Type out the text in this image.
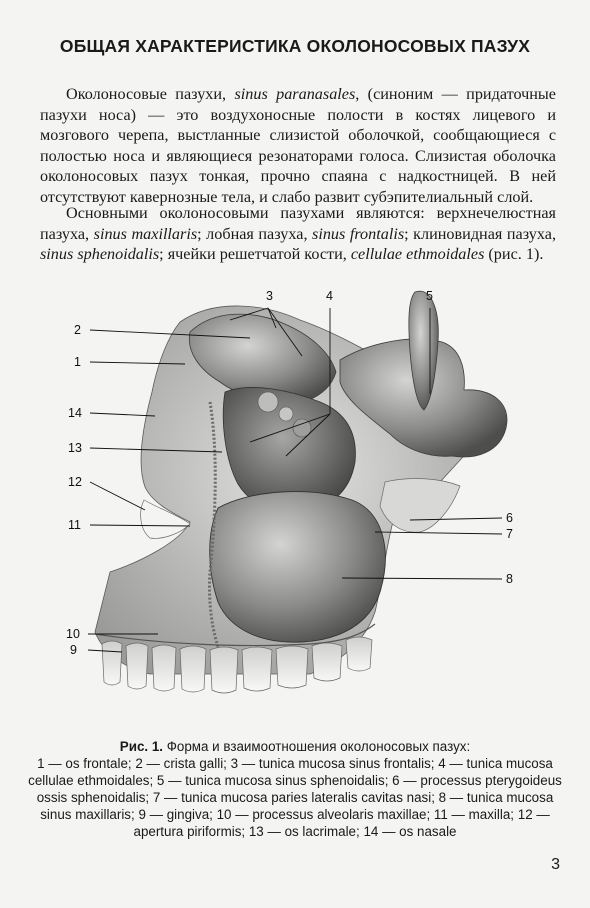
ОБЩАЯ ХАРАКТЕРИСТИКА ОКОЛОНОСОВЫХ ПАЗУХ

Околоносовые пазухи, sinus paranasales, (синоним — придаточные пазухи носа) — это воздухоносные полости в костях лицевого и мозгового черепа, выстланные слизистой оболочкой, сообщающиеся с полостью носа и являющиеся резонаторами голоса. Слизистая оболочка околоносовых пазух тонкая, прочно спаяна с надкостницей. В ней отсутствуют кавернозные тела, и слабо развит субэпителиальный слой.

Основными околоносовыми пазухами являются: верхнечелюстная пазуха, sinus maxillaris; лобная пазуха, sinus frontalis; клиновидная пазуха, sinus sphenoidalis; ячейки решетчатой кости, cellulae ethmoidales (рис. 1).

3	4	5
2
1
14
13
12
11	6
7
8
10
9
Рис. 1. Форма и взаимоотношения околоносовых пазух:
1 — os frontale; 2 — crista galli; 3 — tunica mucosa sinus frontalis; 4 — tunica mucosa cellulae ethmoidales; 5 — tunica mucosa sinus sphenoidalis; 6 — processus pterygoideus ossis sphenoidalis; 7 — tunica mucosa paries lateralis cavitas nasi; 8 — tunica mucosa sinus maxillaris; 9 — gingiva; 10 — processus alveolaris maxillae; 11 — maxilla; 12 — apertura piriformis; 13 — os lacrimale; 14 — os nasale
3
